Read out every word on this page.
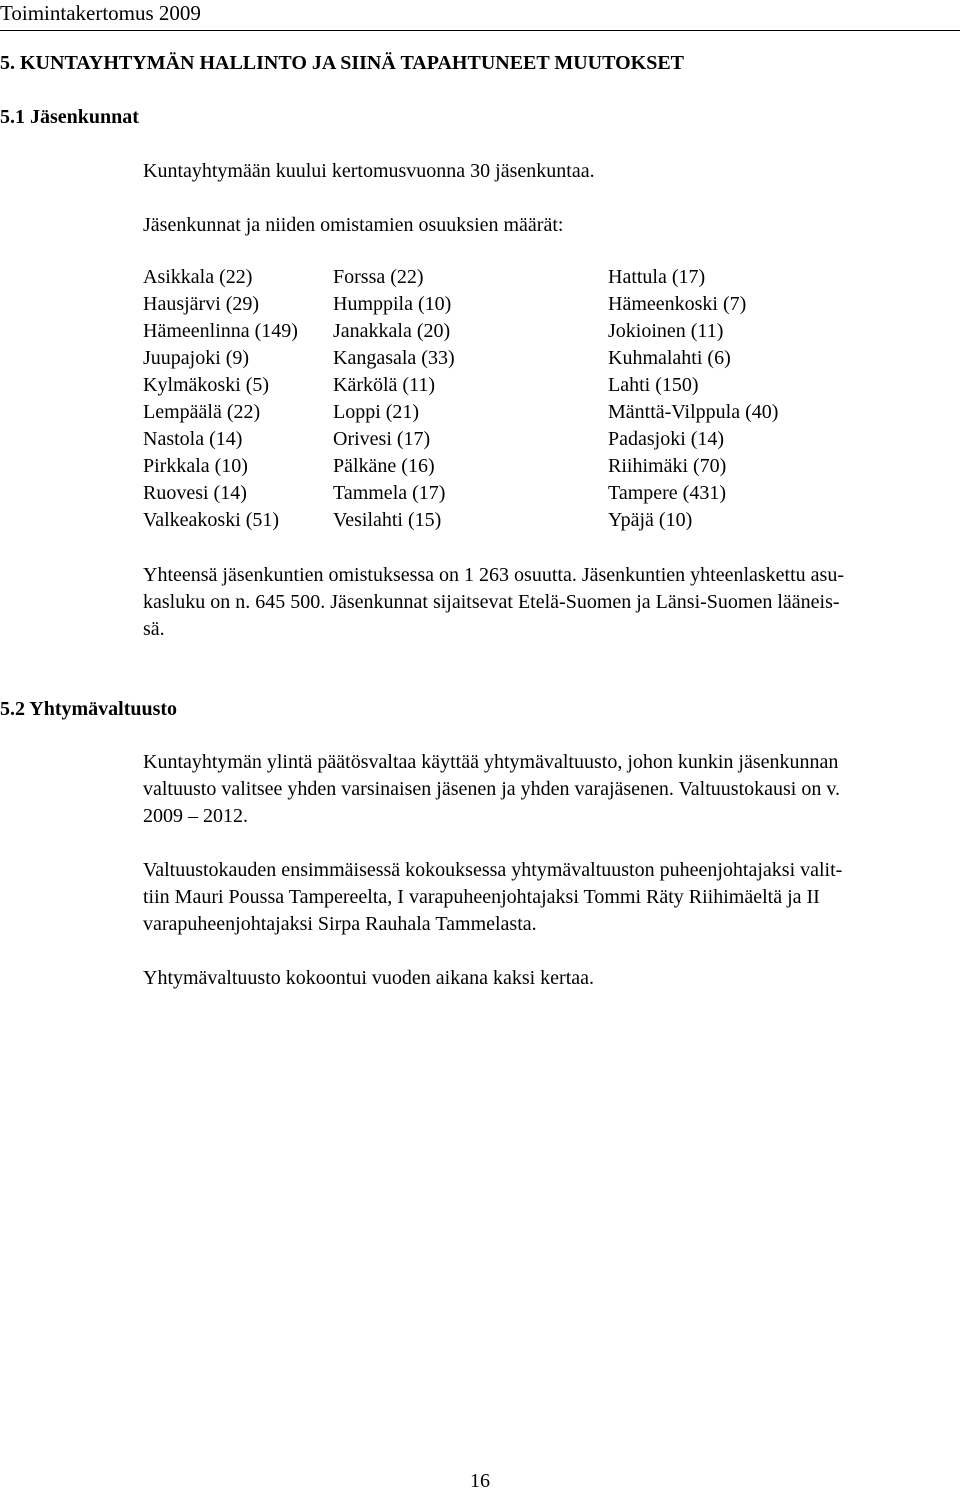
Toimintakertomus 2009
5. KUNTAYHTYMÄN HALLINTO JA SIINÄ TAPAHTUNEET MUUTOKSET
5.1 Jäsenkunnat
Kuntayhtymään kuului kertomusvuonna 30 jäsenkuntaa.
Jäsenkunnat ja niiden omistamien osuuksien määrät:
Asikkala (22)	Forssa (22)	Hattula (17)
Hausjärvi (29)	Humppila (10)	Hämeenkoski (7)
Hämeenlinna (149) Janakkala (20)	Jokioinen (11)
Juupajoki (9)	Kangasala (33)	Kuhmalahti (6)
Kylmäkoski (5)	Kärkölä (11)	Lahti (150)
Lempäälä (22)	Loppi (21)	Mänttä-Vilppula (40)
Nastola (14)	Orivesi (17)	Padasjoki (14)
Pirkkala (10)	Pälkäne (16)	Riihimäki (70)
Ruovesi (14)	Tammela (17)	Tampere (431)
Valkeakoski (51)	Vesilahti (15)	Ypäjä (10)
Yhteensä jäsenkuntien omistuksessa on 1 263 osuutta. Jäsenkuntien yhteenlaskettu asu-
kasluku on n. 645 500. Jäsenkunnat sijaitsevat Etelä-Suomen ja Länsi-Suomen lääneis-
sä.
5.2 Yhtymävaltuusto
Kuntayhtymän ylintä päätösvaltaa käyttää yhtymävaltuusto, johon kunkin jäsenkunnan
valtuusto valitsee yhden varsinaisen jäsenen ja yhden varajäsenen. Valtuustokausi on v.
2009 – 2012.
Valtuustokauden ensimmäisessä kokouksessa yhtymävaltuuston puheenjohtajaksi valit-
tiin Mauri Poussa Tampereelta, I varapuheenjohtajaksi Tommi Räty Riihimäeltä ja II
varapuheenjohtajaksi Sirpa Rauhala Tammelasta.
Yhtymävaltuusto kokoontui vuoden aikana kaksi kertaa.
16
